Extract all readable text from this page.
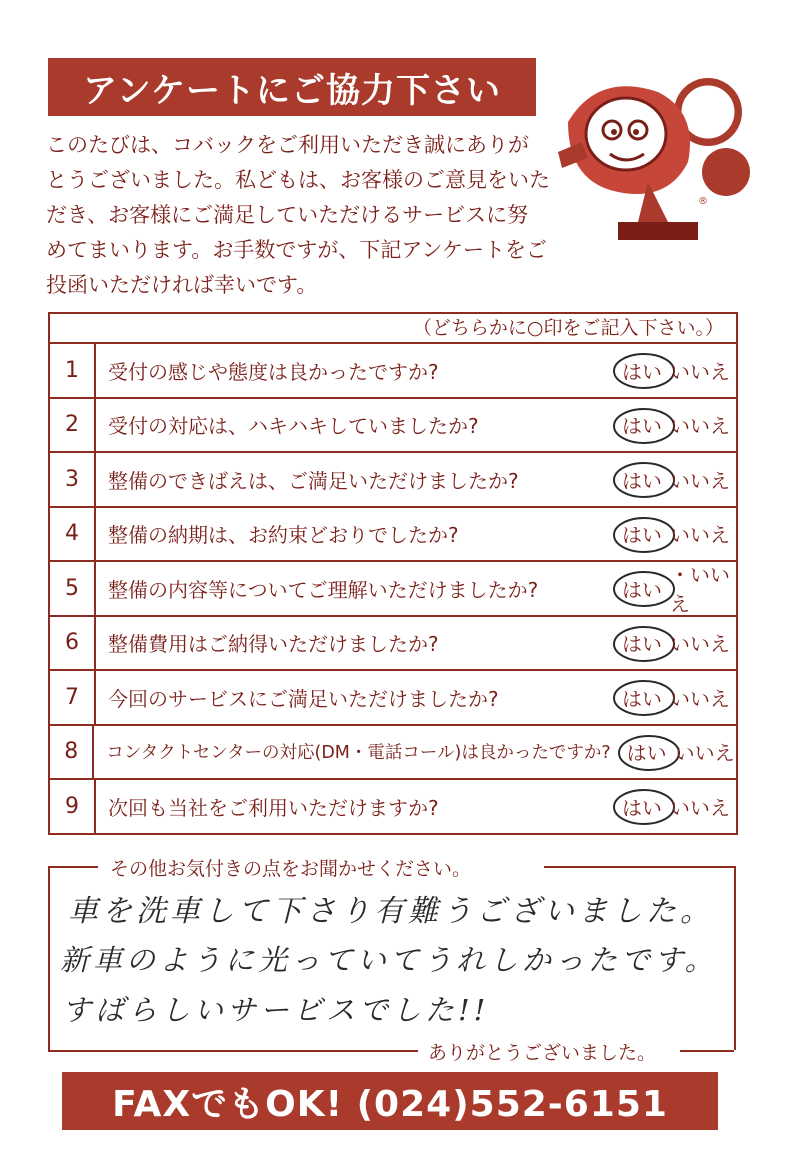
アンケートにご協力下さい

このたびは、コバックをご利用いただき誠にありが

とうございました。私どもは、お客様のご意見をいた

だき、お客様にご満足していただけるサービスに努

めてまいります。お手数ですが、下記アンケートをご

投函いただければ幸いです。

®
（どちらかに○印をご記入下さい。）
1	受付の感じや態度は良かったですか?	はい いいえ
2	受付の対応は、ハキハキしていましたか?	はい いいえ
3	整備のできばえは、ご満足いただけましたか?	はい いいえ
4	整備の納期は、お約束どおりでしたか?	はい いいえ
5	整備の内容等についてご理解いただけましたか?	はい
・いいえ
6	整備費用はご納得いただけましたか?	はい いいえ
7	今回のサービスにご満足いただけましたか?	はい いいえ
8	コンタクトセンターの対応(DM・電話コール)は良かったですか? はい いいえ
9	次回も当社をご利用いただけますか?	はい いいえ
その他お気付きの点をお聞かせください。
車を洗車して下さり有難うございました。
新車のように光っていてうれしかったです。
すばらしいサービスでした!!
ありがとうございました。
FAXでもOK! (024)552-6151
